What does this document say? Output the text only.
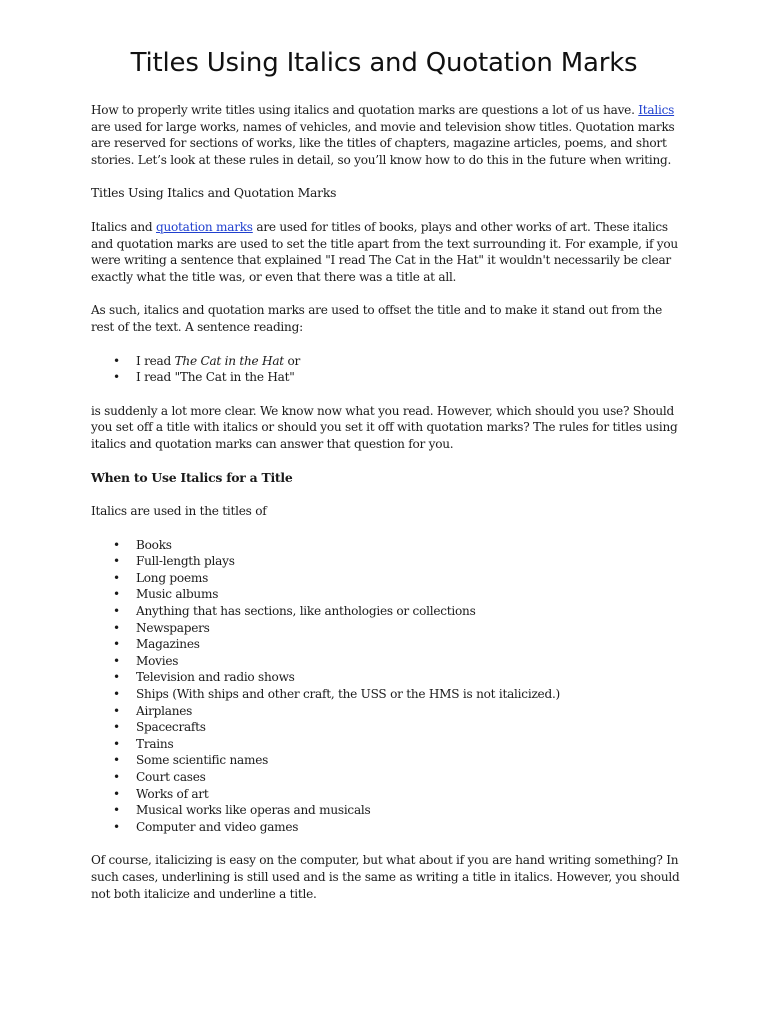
Titles Using Italics and Quotation Marks

How to properly write titles using italics and quotation marks are questions a lot of us have. Italics are used for large works, names of vehicles, and movie and television show titles. Quotation marks are reserved for sections of works, like the titles of chapters, magazine articles, poems, and short stories. Let’s look at these rules in detail, so you’ll know how to do this in the future when writing.

Titles Using Italics and Quotation Marks

Italics and quotation marks are used for titles of books, plays and other works of art. These italics and quotation marks are used to set the title apart from the text surrounding it. For example, if you were writing a sentence that explained "I read The Cat in the Hat" it wouldn't necessarily be clear exactly what the title was, or even that there was a title at all.

As such, italics and quotation marks are used to offset the title and to make it stand out from the rest of the text. A sentence reading:

• I read The Cat in the Hat or
• I read "The Cat in the Hat"

is suddenly a lot more clear. We know now what you read. However, which should you use? Should you set off a title with italics or should you set it off with quotation marks? The rules for titles using italics and quotation marks can answer that question for you.

When to Use Italics for a Title

Italics are used in the titles of

• Books
• Full-length plays
• Long poems
• Music albums
• Anything that has sections, like anthologies or collections
• Newspapers
• Magazines
• Movies
• Television and radio shows
• Ships (With ships and other craft, the USS or the HMS is not italicized.)
• Airplanes
• Spacecrafts
• Trains
• Some scientific names
• Court cases
• Works of art
• Musical works like operas and musicals
• Computer and video games

Of course, italicizing is easy on the computer, but what about if you are hand writing something? In such cases, underlining is still used and is the same as writing a title in italics. However, you should not both italicize and underline a title.
